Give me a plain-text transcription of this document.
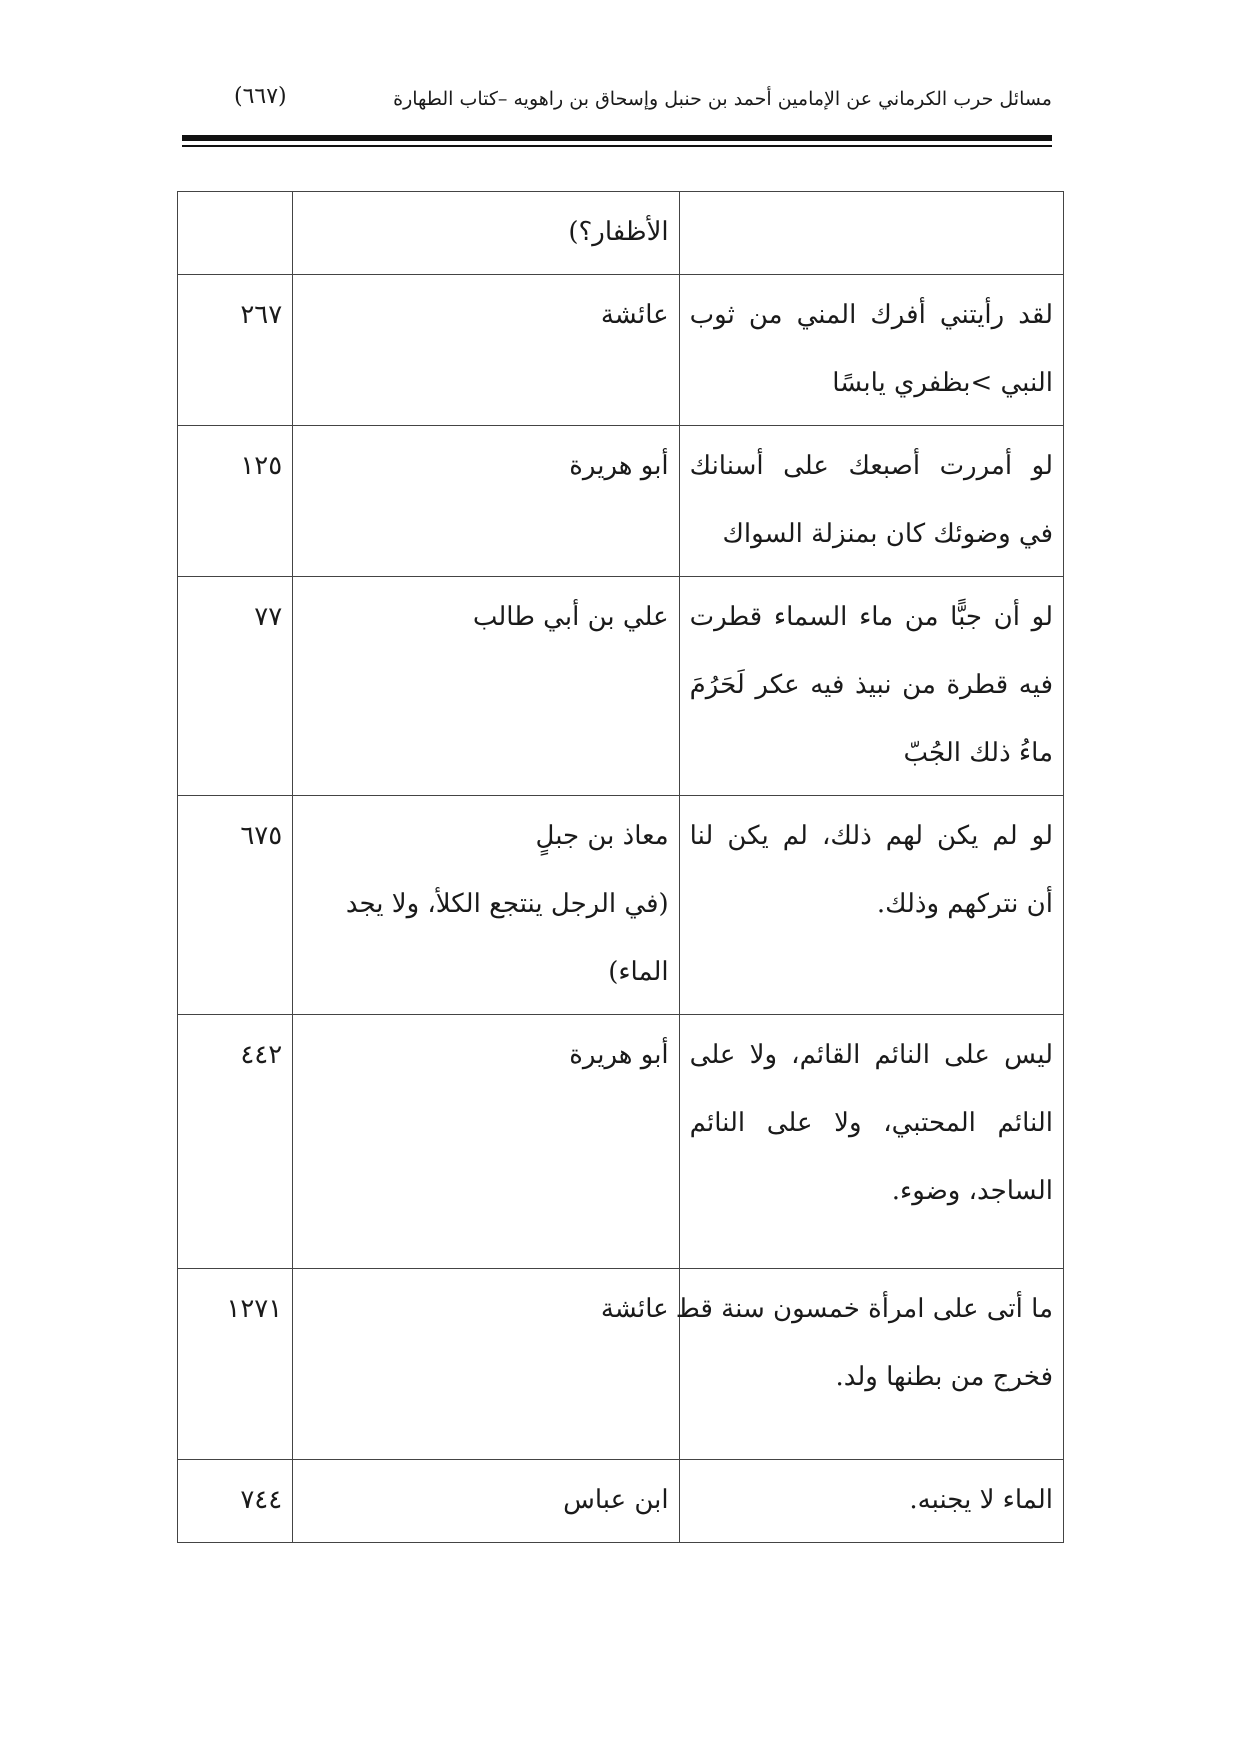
مسائل حرب الكرماني عن الإمامين أحمد بن حنبل وإسحاق بن راهويه –كتاب الطهارة
(٦٦٧)

	الأظفار؟)	

لقد رأيتني أفرك المني من ثوب
النبي >بظفري يابسًا	عائشة	٢٦٧

لو أمررت أصبعك على أسنانك
في وضوئك كان بمنزلة السواك	أبو هريرة	١٢٥

لو أن جبًّا من ماء السماء قطرت
فيه قطرة من نبيذ فيه عكر لَحَرُمَ
ماءُ ذلك الجُبّ	علي بن أبي طالب	٧٧

لو لم يكن لهم ذلك، لم يكن لنا
أن نتركهم وذلك.	معاذ بن جبلٍ
(في الرجل ينتجع الكلأ، ولا يجد
الماء)	٦٧٥

ليس على النائم القائم، ولا على
النائم المحتبي، ولا على النائم
الساجد، وضوء.	أبو هريرة	٤٤٢

ما أتى على امرأة خمسون سنة قط
فخرج من بطنها ولد.	عائشة	١٢٧١

الماء لا يجنبه.	ابن عباس	٧٤٤
